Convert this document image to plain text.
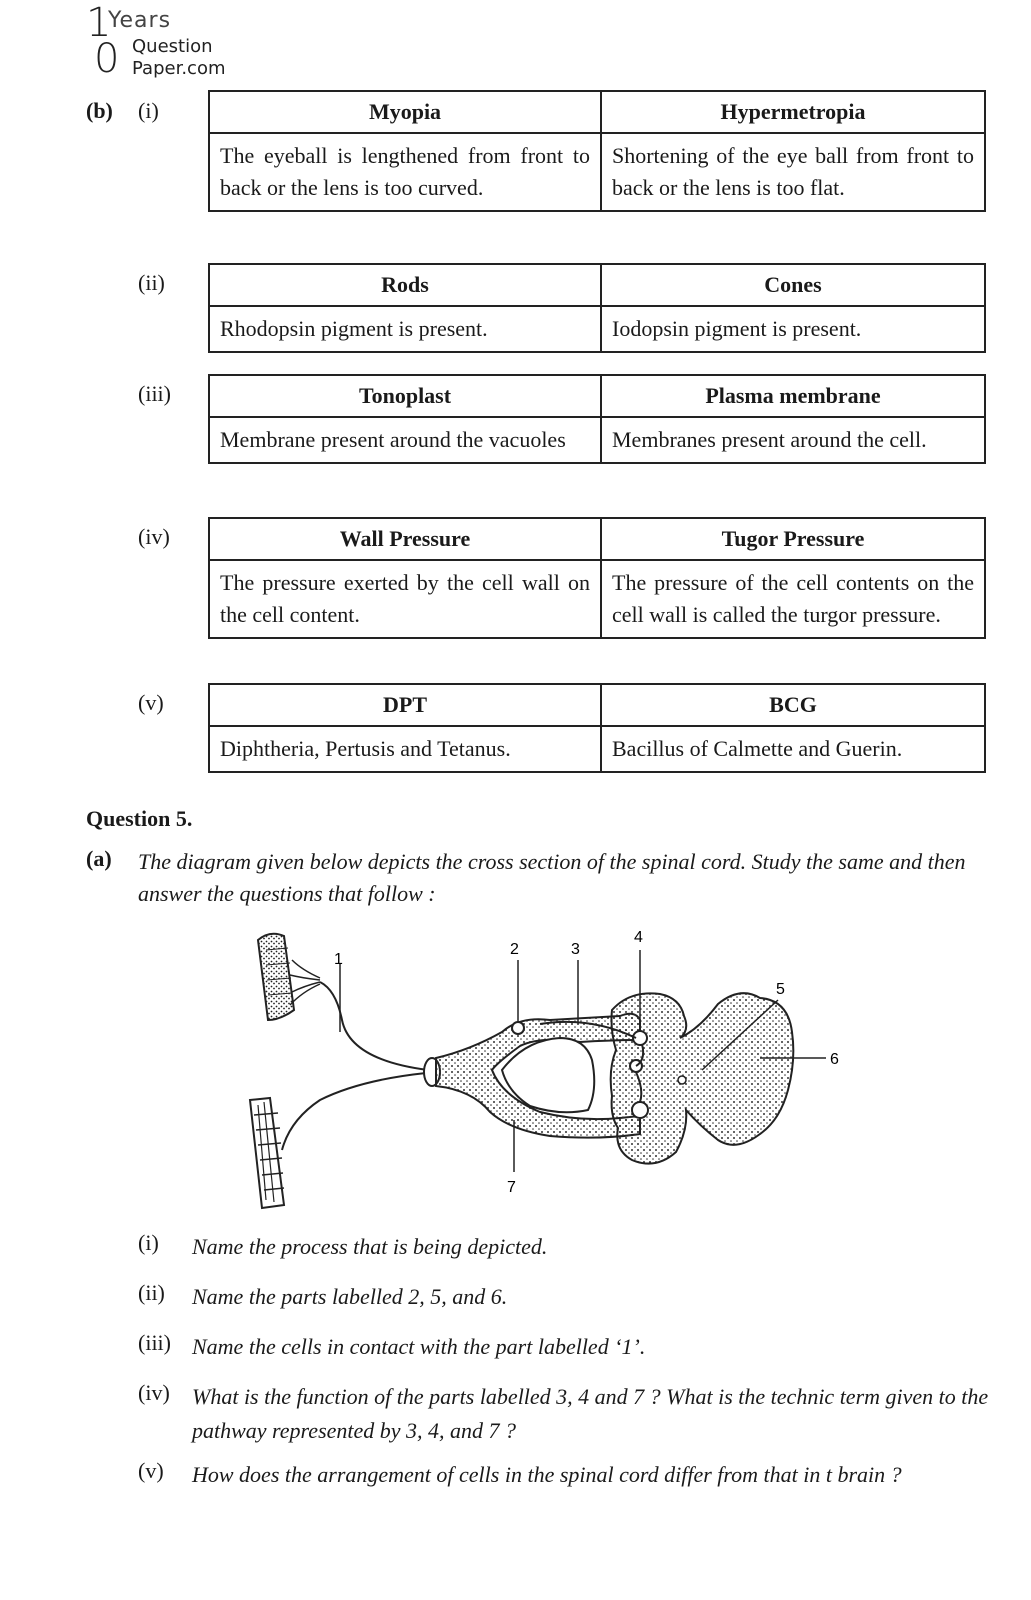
1
0
Years
Question
Paper.com
(b) (i)	Myopia	Hypermetropia
The eyeball is lengthened from front to back or the lens is too curved.	Shortening of the eye ball from front to back or the lens is too flat.
(ii)	Rods	Cones
Rhodopsin pigment is present.	Iodopsin pigment is present.
(iii)	Tonoplast	Plasma membrane
Membrane present around the vacuoles	Membranes present around the cell.
(iv)	Wall Pressure	Tugor Pressure
The pressure exerted by the cell wall on the cell content.	The pressure of the cell contents on the cell wall is called the turgor pressure.
(v)	DPT	BCG
Diphtheria, Pertusis and Tetanus.	Bacillus of Calmette and Guerin.
Question 5.
(a) The diagram given below depicts the cross section of the spinal cord. Study the same and then answer the questions that follow :
1
2	3
4
5
6
7
(i) Name the process that is being depicted.
(ii) Name the parts labelled 2, 5, and 6.
(iii) Name the cells in contact with the part labelled ‘1’.
(iv) What is the function of the parts labelled 3, 4 and 7 ? What is the technic term given to the pathway represented by 3, 4, and 7 ?
(v) How does the arrangement of cells in the spinal cord differ from that in t brain ?
